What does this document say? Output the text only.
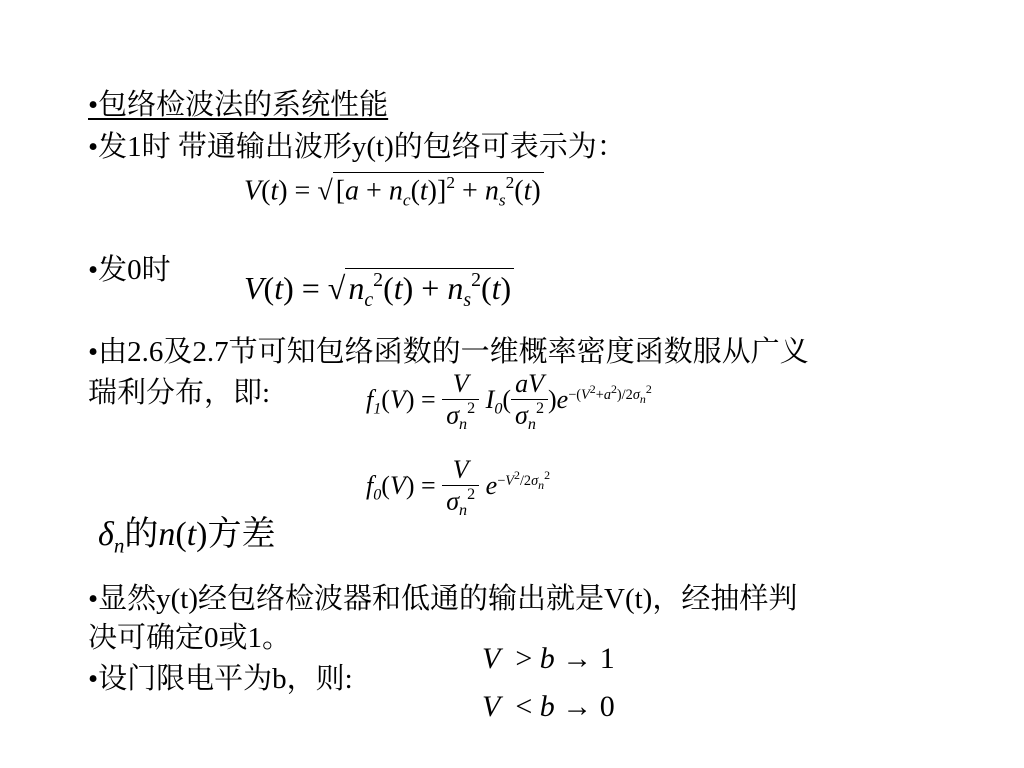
•包络检波法的系统性能
•发1时 带通输出波形y(t)的包络可表示为：
V(t) = √ $[a + n_c(t)]^2 + n_s^2(t)$
•发0时 $V(t) = √n_c^2(t) + n_s^2(t)$
•由2.6及2.7节可知包络函数的一维概率密度函数服从广义
瑞利分布，即:	$f_1(V) = \frac{V}{\sigma_n^2} I_0( \frac{aV}{\sigma_n^2} )e^{-(V^2+a^2)/2\sigma_n^2}$
$f_0(V) = \frac{V}{\sigma_n^2} e^{-V^2/2\sigma_n^2}$
$\delta_n$的n(t)方差
•显然y(t)经包络检波器和低通的输出就是V(t)，经抽样判
决可确定0或1。
•设门限电平为b，则:
V  > b → 1
V  < b → 0
